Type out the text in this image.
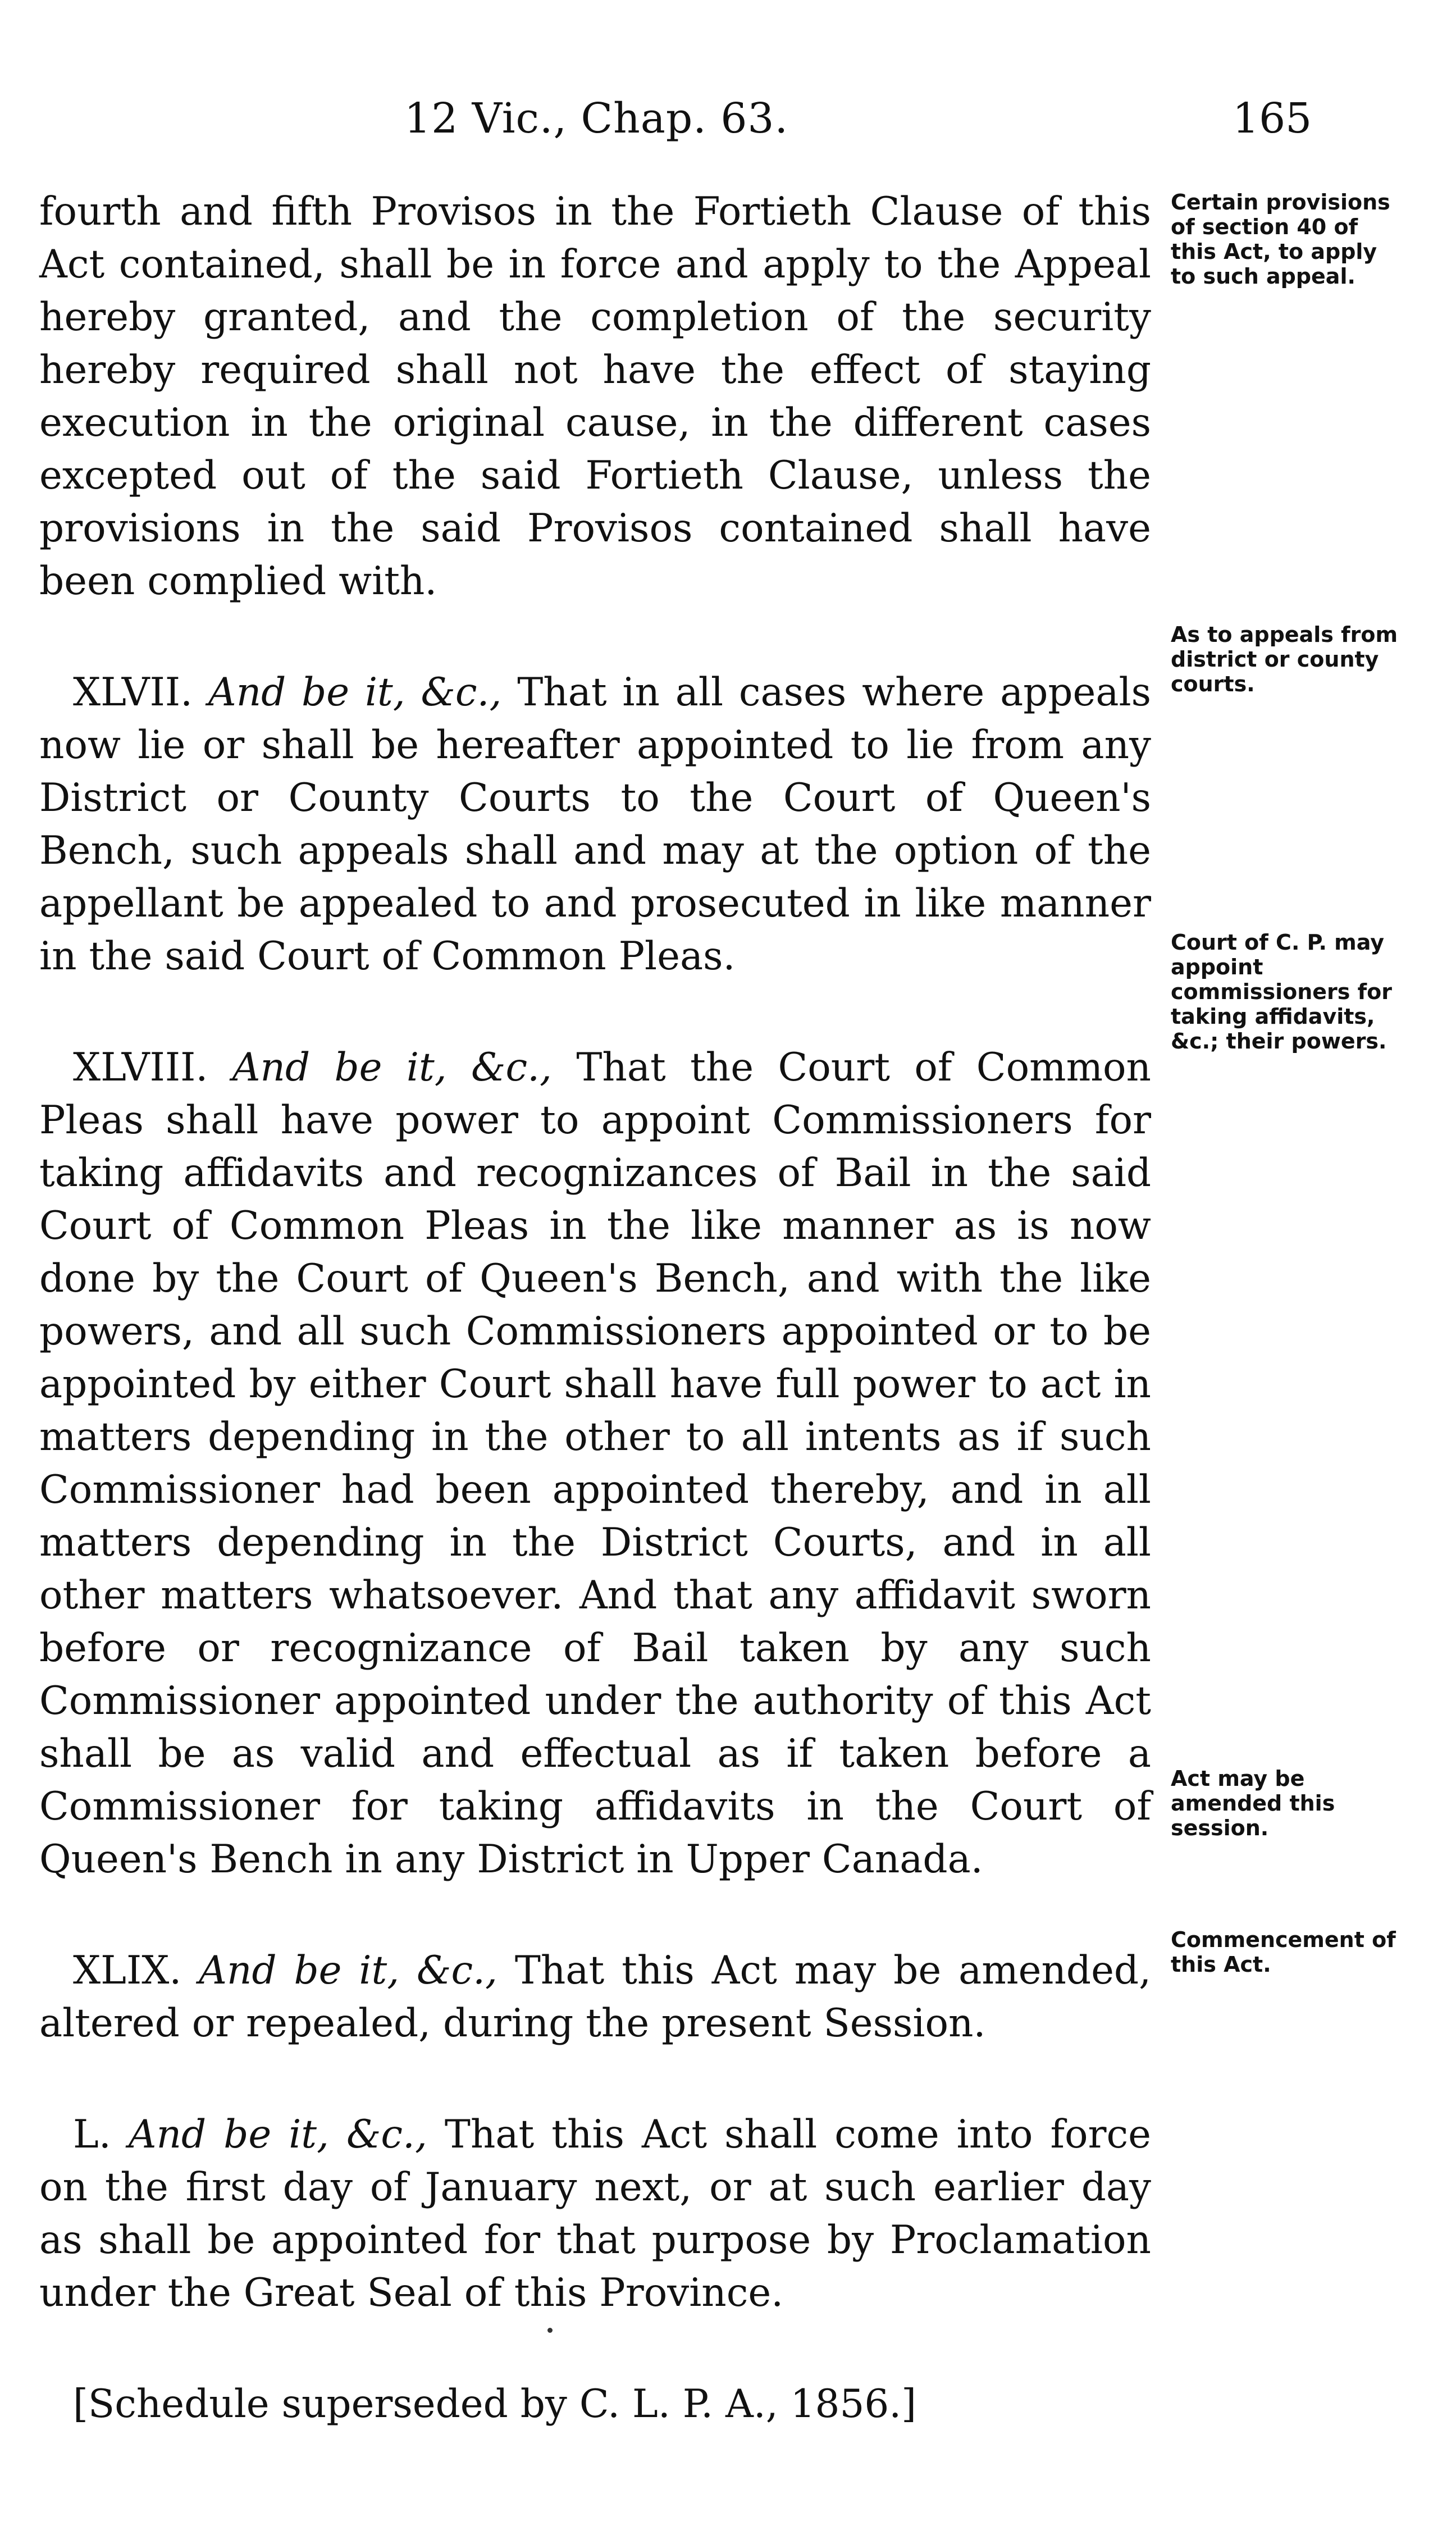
12 Vic., Chap. 63.	165

fourth and fifth Provisos in the Fortieth Clause of this Act contained, shall be in force and apply to the Appeal hereby granted, and the completion of the security hereby required shall not have the effect of staying execution in the original cause, in the different cases excepted out of the said Fortieth Clause, unless the provisions in the said Provisos contained shall have been complied with.

XLVII. And be it, &c., That in all cases where appeals now lie or shall be hereafter appointed to lie from any District or County Courts to the Court of Queen's Bench, such appeals shall and may at the option of the appellant be appealed to and prosecuted in like manner in the said Court of Common Pleas.

XLVIII. And be it, &c., That the Court of Common Pleas shall have power to appoint Commissioners for taking affidavits and recognizances of Bail in the said Court of Common Pleas in the like manner as is now done by the Court of Queen's Bench, and with the like powers, and all such Commissioners appointed or to be appointed by either Court shall have full power to act in matters depending in the other to all intents as if such Commissioner had been appointed thereby, and in all matters depending in the District Courts, and in all other matters whatsoever. And that any affidavit sworn before or recognizance of Bail taken by any such Commissioner appointed under the authority of this Act shall be as valid and effectual as if taken before a Commissioner for taking affidavits in the Court of Queen's Bench in any District in Upper Canada.

XLIX. And be it, &c., That this Act may be amended, altered or repealed, during the present Session.

L. And be it, &c., That this Act shall come into force on the first day of January next, or at such earlier day as shall be appointed for that purpose by Proclamation under the Great Seal of this Province.

[Schedule superseded by C. L. P. A., 1856.]

Certain provisions of section 40 of this Act, to apply to such appeal.
As to appeals from district or county courts.
Court of C. P. may appoint commissioners for taking affidavits, &c.; their powers.
Act may be amended this session.
Commencement of this Act.
